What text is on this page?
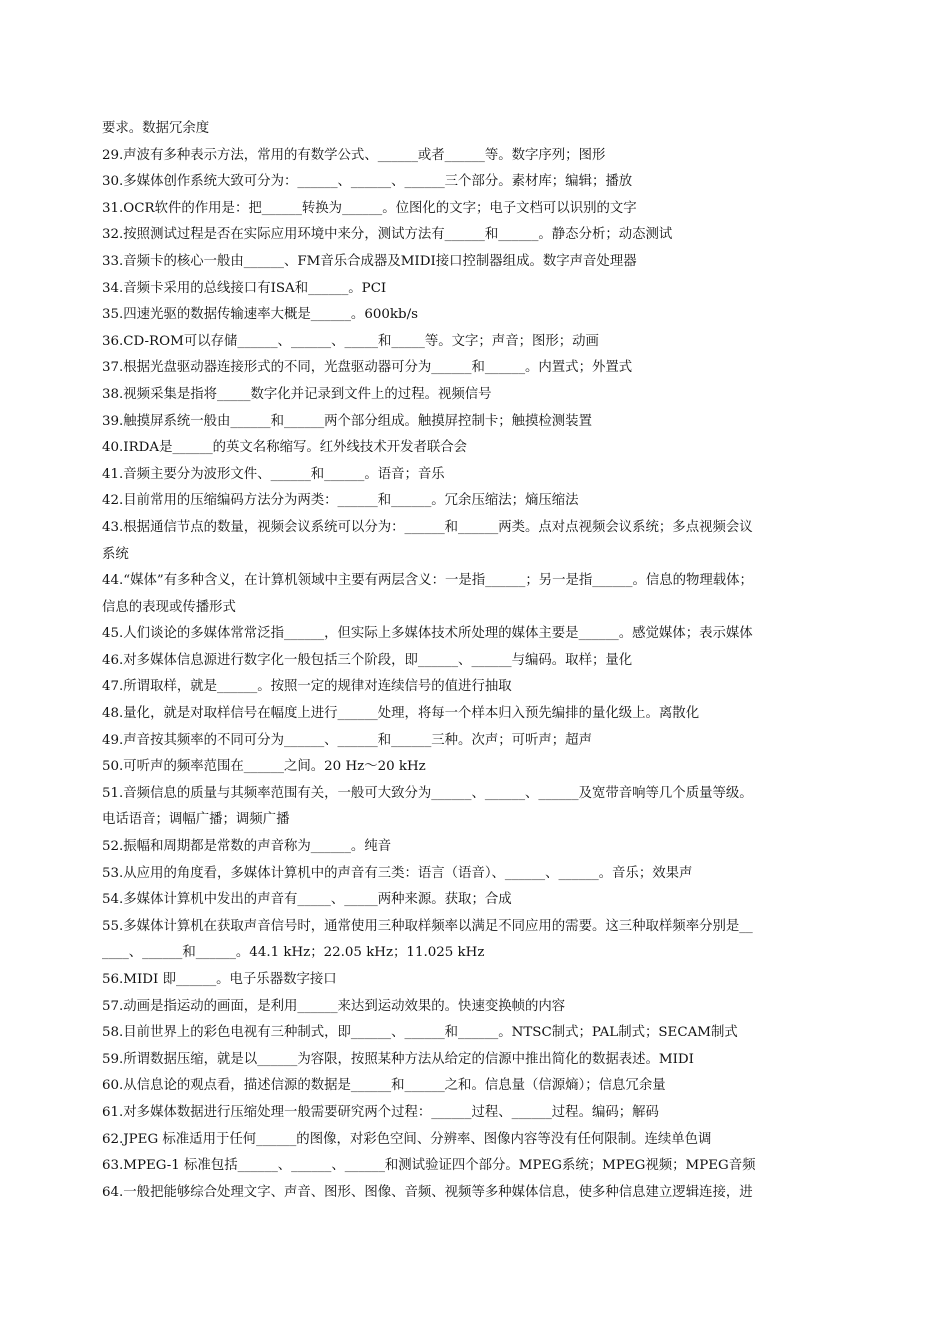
要求。数据冗余度
29.声波有多种表示方法，常用的有数学公式、______或者______等。数字序列；图形
30.多媒体创作系统大致可分为：______、______、______三个部分。素材库；编辑；播放
31.OCR软件的作用是：把______转换为______。位图化的文字；电子文档可以识别的文字
32.按照测试过程是否在实际应用环境中来分，测试方法有______和______。静态分析；动态测试
33.音频卡的核心一般由______、FM音乐合成器及MIDI接口控制器组成。数字声音处理器
34.音频卡采用的总线接口有ISA和______。PCI
35.四速光驱的数据传输速率大概是______。600kb/s
36.CD-ROM可以存储______、______、_____和_____等。文字；声音；图形；动画
37.根据光盘驱动器连接形式的不同，光盘驱动器可分为______和______。内置式；外置式
38.视频采集是指将_____数字化并记录到文件上的过程。视频信号
39.触摸屏系统一般由______和______两个部分组成。触摸屏控制卡；触摸检测装置
40.IRDA是______的英文名称缩写。红外线技术开发者联合会
41.音频主要分为波形文件、______和______。语音；音乐
42.目前常用的压缩编码方法分为两类：______和______。冗余压缩法；熵压缩法
43.根据通信节点的数量，视频会议系统可以分为：______和______两类。点对点视频会议系统；多点视频会议
系统
44.“媒体”有多种含义，在计算机领域中主要有两层含义：一是指______；另一是指______。信息的物理载体；
信息的表现或传播形式
45.人们谈论的多媒体常常泛指______，但实际上多媒体技术所处理的媒体主要是______。感觉媒体；表示媒体
46.对多媒体信息源进行数字化一般包括三个阶段，即______、______与编码。取样；量化
47.所谓取样，就是______。按照一定的规律对连续信号的值进行抽取
48.量化，就是对取样信号在幅度上进行______处理，将每一个样本归入预先编排的量化级上。离散化
49.声音按其频率的不同可分为______、______和______三种。次声；可听声；超声
50.可听声的频率范围在______之间。20 Hz～20 kHz
51.音频信息的质量与其频率范围有关，一般可大致分为______、______、______及宽带音响等几个质量等级。
电话语音；调幅广播；调频广播
52.振幅和周期都是常数的声音称为______。纯音
53.从应用的角度看，多媒体计算机中的声音有三类：语言（语音）、______、______。音乐；效果声
54.多媒体计算机中发出的声音有_____、_____两种来源。获取；合成
55.多媒体计算机在获取声音信号时，通常使用三种取样频率以满足不同应用的需要。这三种取样频率分别是__
____、______和______。44.1 kHz；22.05 kHz；11.025 kHz
56.MIDI 即______。电子乐器数字接口
57.动画是指运动的画面，是利用______来达到运动效果的。快速变换帧的内容
58.目前世界上的彩色电视有三种制式，即______、______和______。NTSC制式；PAL制式；SECAM制式
59.所谓数据压缩，就是以______为容限，按照某种方法从给定的信源中推出简化的数据表述。MIDI
60.从信息论的观点看，描述信源的数据是______和______之和。信息量（信源熵）；信息冗余量
61.对多媒体数据进行压缩处理一般需要研究两个过程：______过程、______过程。编码；解码
62.JPEG 标准适用于任何______的图像，对彩色空间、分辨率、图像内容等没有任何限制。连续单色调
63.MPEG-1 标准包括______、______、______和测试验证四个部分。MPEG系统；MPEG视频；MPEG音频
64.一般把能够综合处理文字、声音、图形、图像、音频、视频等多种媒体信息，使多种信息建立逻辑连接，进
